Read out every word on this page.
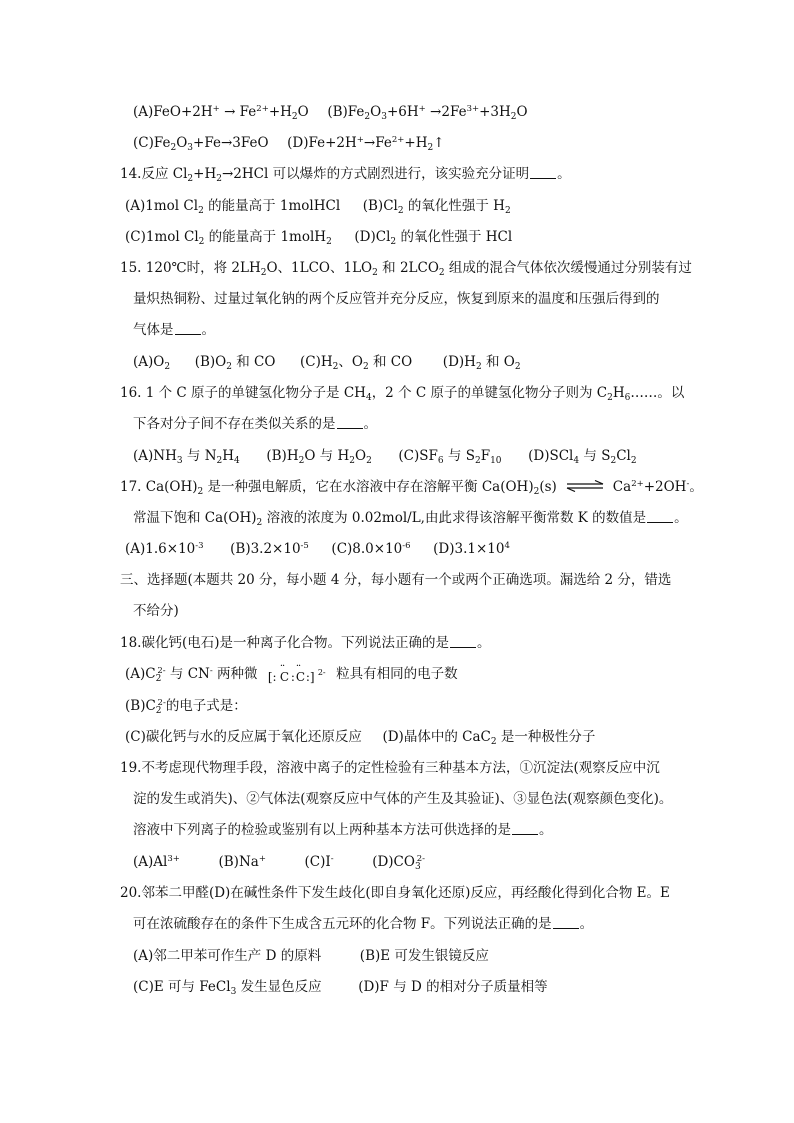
$(A)FeO+2H^+ \to Fe^{2+}+H_2O$ $(B)Fe_2O_3+6H^+ \to 2Fe^{3+}+3H_2O$
$(C)Fe_2O_3+Fe\to 3FeO$ $(D)Fe+2H^+\to Fe^{2+}+H_2↑$
14.反应 $Cl_2+H_2\to 2HCl$ 可以爆炸的方式剧烈进行，该实验充分证明 。
(A)1mol $Cl_2$ 的能量高于 1molHCl $(B)Cl_2$ 的氧化性强于 $H_2$
(C)1mol $Cl_2$ 的能量高于 1molH$_2$ $(D)Cl_2$ 的氧化性强于 HCl
15. 120℃时，将 $2LH_2O$、1LCO、$1LO_2$ 和 $2LCO_2$ 组成的混合气体依次缓慢通过分别装有过
量炽热铜粉、过量过氧化钠的两个反应管并充分反应，恢复到原来的温度和压强后得到的
气体是 。
$(A)O_2$ $(B)O_2$ 和 CO $(C)H_2$、$O_2$ 和 CO $(D)H_2$ 和 $O_2$
16. 1 个 C 原子的单键氢化物分子是 $CH_4$，2 个 C 原子的单键氢化物分子则为 $C_2H_6\dots\dots$。以
下各对分子间不存在类似关系的是 。
$(A)NH_3$ 与 $N_2H_4$ $(B)H_2O$ 与 $H_2O_2$ $(C)SF_6$ 与 $S_2F_{10}$ (D)SCl$_4$ 与 $S_2Cl_2$
17. $Ca(OH)_2$ 是一种强电解质，它在水溶液中存在溶解平衡 $Ca(OH)_2(s)$ ⇌ $Ca^{2+}+2OH^-$。
常温下饱和 $Ca(OH)_2$ 溶液的浓度为 0.02mol/L,由此求得该溶解平衡常数 K 的数值是 。
$(A)1.6\times 10^{-3}$ $(B)3.2\times 10^{-5}$ $(C)8.0\times 10^{-6}$ $(D)3.1\times 10^4$
三、选择题(本题共 20 分，每小题 4 分，每小题有一个或两个正确选项。漏选给 2 分，错选
不给分)
18.碳化钙(电石)是一种离子化合物。下列说法正确的是 。
$(A)C_2^{2-}$ 与 CN- 两种微 [: C
··
: C
··
:] 2- 粒具有相同的电子数
$(B)C_2^{2-}$的电子式是：
(C)碳化钙与水的反应属于氧化还原反应 (D)晶体中的 CaC$_2$ 是一种极性分子
19.不考虑现代物理手段，溶液中离子的定性检验有三种基本方法，①沉淀法(观察反应中沉
淀的发生或消失)、②气体法(观察反应中气体的产生及其验证)、③显色法(观察颜色变化)。
溶液中下列离子的检验或鉴别有以上两种基本方法可供选择的是 。
$(A)Al^{3+}$	(B)Na+	(C)I-	$(D)CO_3^{2-}$
20.邻苯二甲醛(D)在碱性条件下发生歧化(即自身氧化还原)反应，再经酸化得到化合物 E。E
可在浓硫酸存在的条件下生成含五元环的化合物 F。下列说法正确的是 。
(A)邻二甲苯可作生产 D 的原料	(B)E 可发生银镜反应
(C)E 可与 FeCl$_3$ 发生显色反应	(D)F 与 D 的相对分子质量相等
